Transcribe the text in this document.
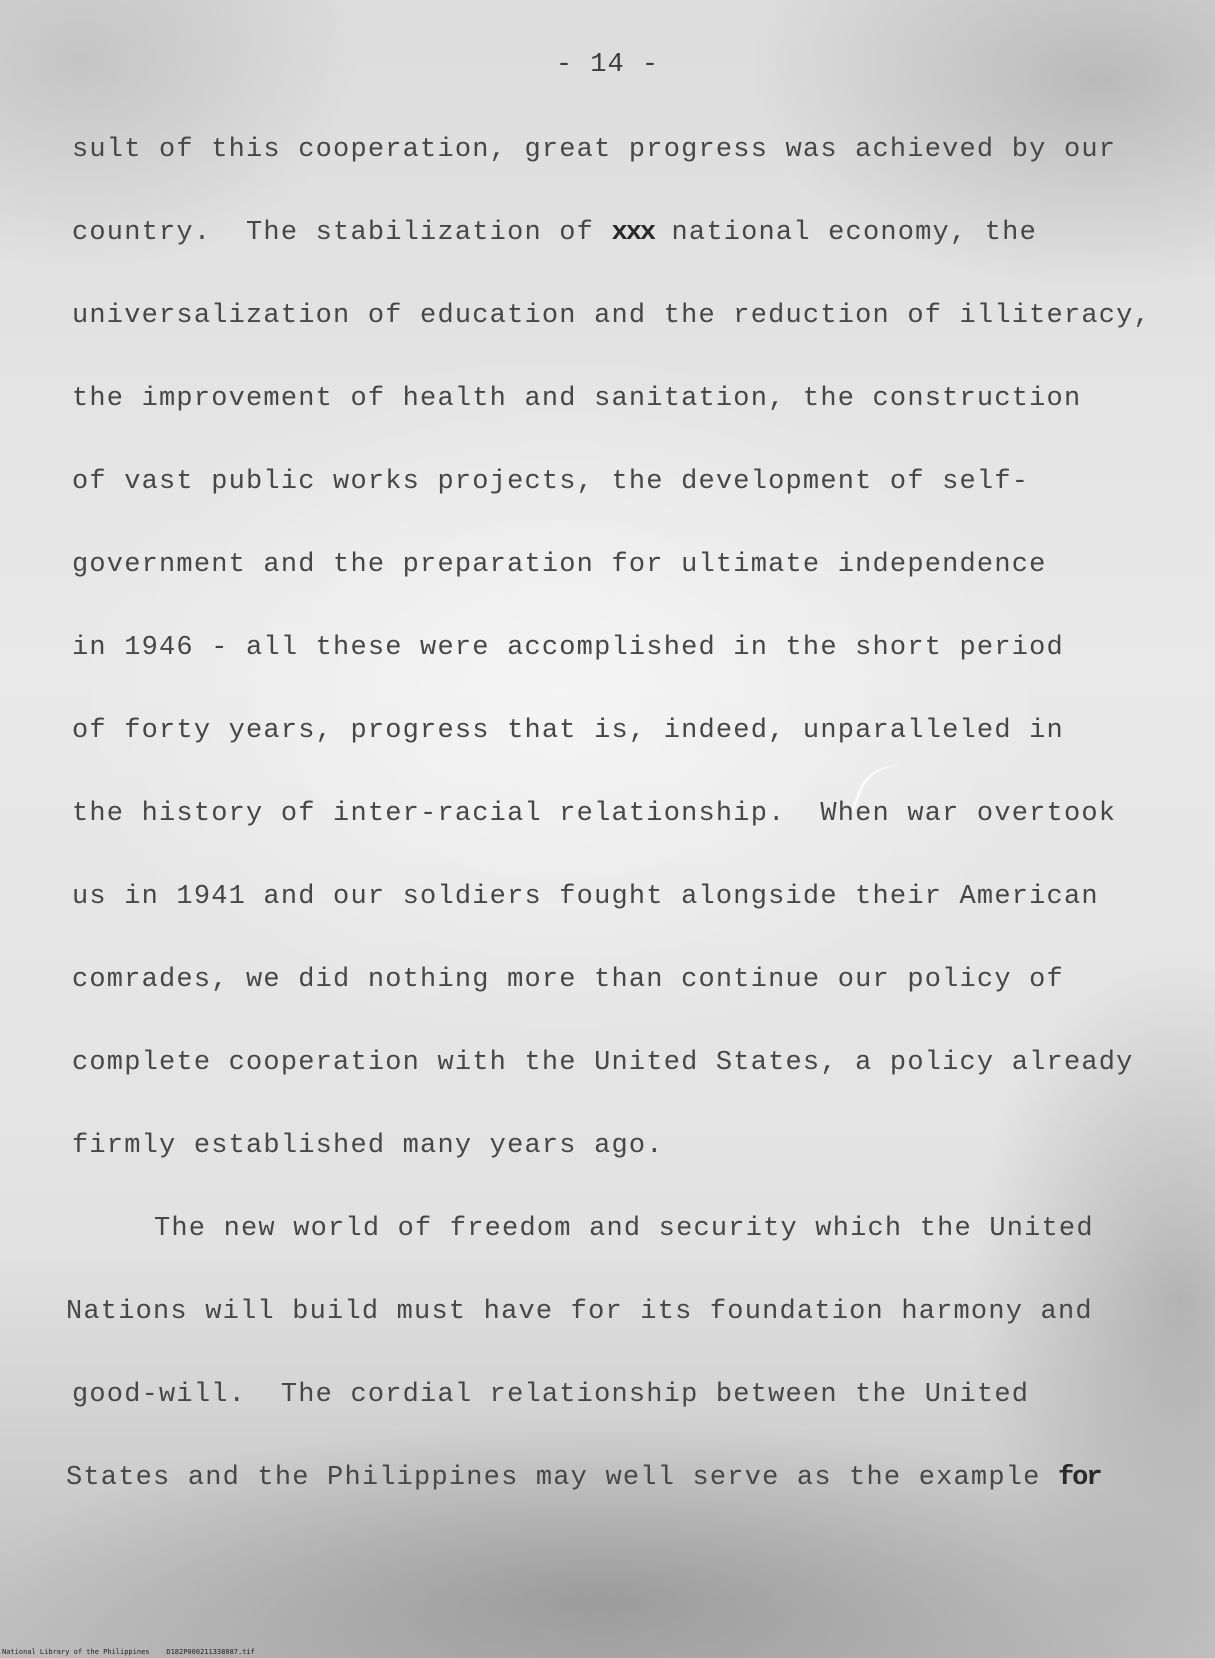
- 14 -
sult of this cooperation, great progress was achieved by our
country.  The stabilization of xxx national economy, the
universalization of education and the reduction of illiteracy,
the improvement of health and sanitation, the construction
of vast public works projects, the development of self-
government and the preparation for ultimate independence
in 1946 - all these were accomplished in the short period
of forty years, progress that is, indeed, unparalleled in
the history of inter-racial relationship.  When war overtook
us in 1941 and our soldiers fought alongside their American
comrades, we did nothing more than continue our policy of
complete cooperation with the United States, a policy already
firmly established many years ago.
The new world of freedom and security which the United
Nations will build must have for its foundation harmony and
good-will.  The cordial relationship between the United
States and the Philippines may well serve as the example for
National Library of the Philippines    D182P000211338087.tif
